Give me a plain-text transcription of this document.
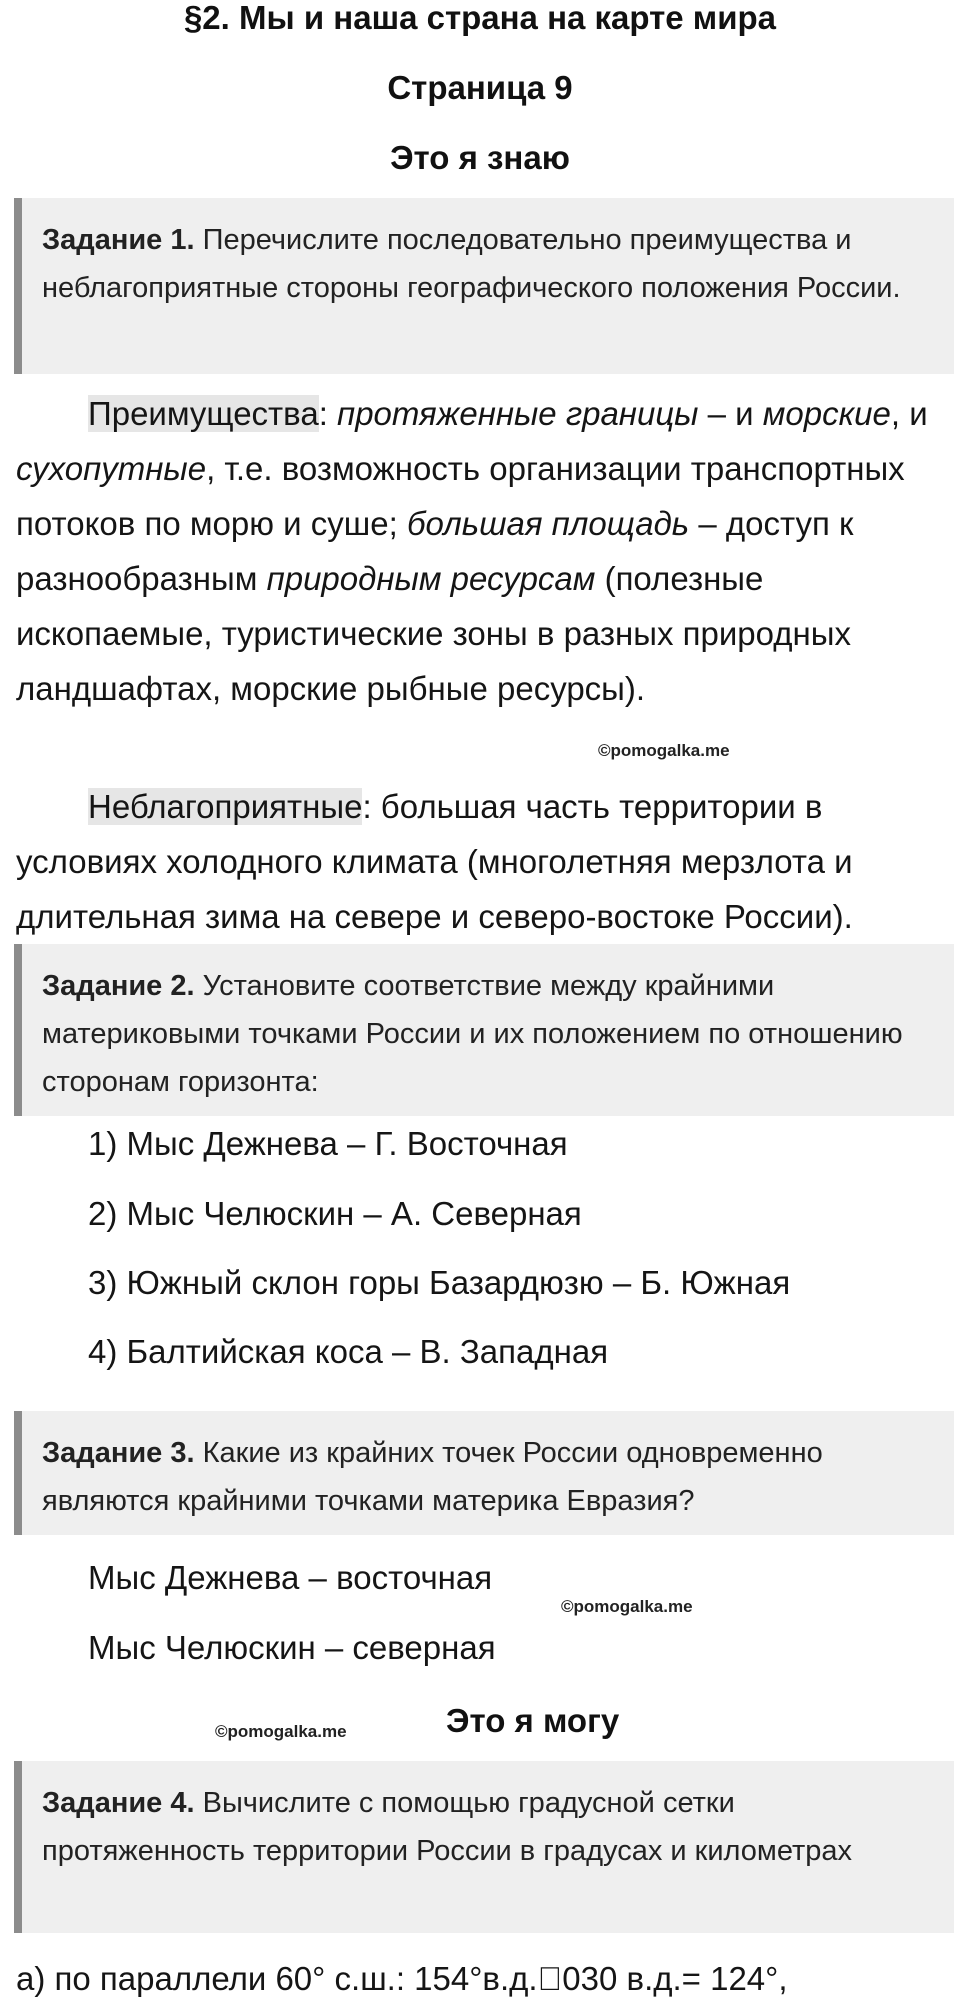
§2. Мы и наша страна на карте мира
Страница 9
Это я знаю
Задание 1. Перечислите последовательно преимущества и неблагоприятные стороны географического положения России.
Преимущества: протяженные границы – и морские, и сухопутные, т.е. возможность организации транспортных потоков по морю и суше; большая площадь – доступ к разнообразным природным ресурсам (полезные ископаемые, туристические зоны в разных природных ландшафтах, морские рыбные ресурсы).
©pomogalka.me
Неблагоприятные: большая часть территории в условиях холодного климата (многолетняя мерзлота и длительная зима на севере и северо-востоке России).
Задание 2. Установите соответствие между крайними материковыми точками России и их положением по отношению сторонам горизонта:
1) Мыс Дежнева – Г. Восточная
2) Мыс Челюскин – А. Северная
3) Южный склон горы Базардюзю – Б. Южная
4) Балтийская коса – В. Западная
Задание 3. Какие из крайних точек России одновременно являются крайними точками материка Евразия?
Мыс Дежнева – восточная
©pomogalka.me
Мыс Челюскин – северная
©pomogalka.me	Это я могу
Задание 4. Вычислите с помощью градусной сетки протяженность территории России в градусах и километрах
а) по параллели 60° с.ш.: 154°в.д. 030 в.д.= 124°,
